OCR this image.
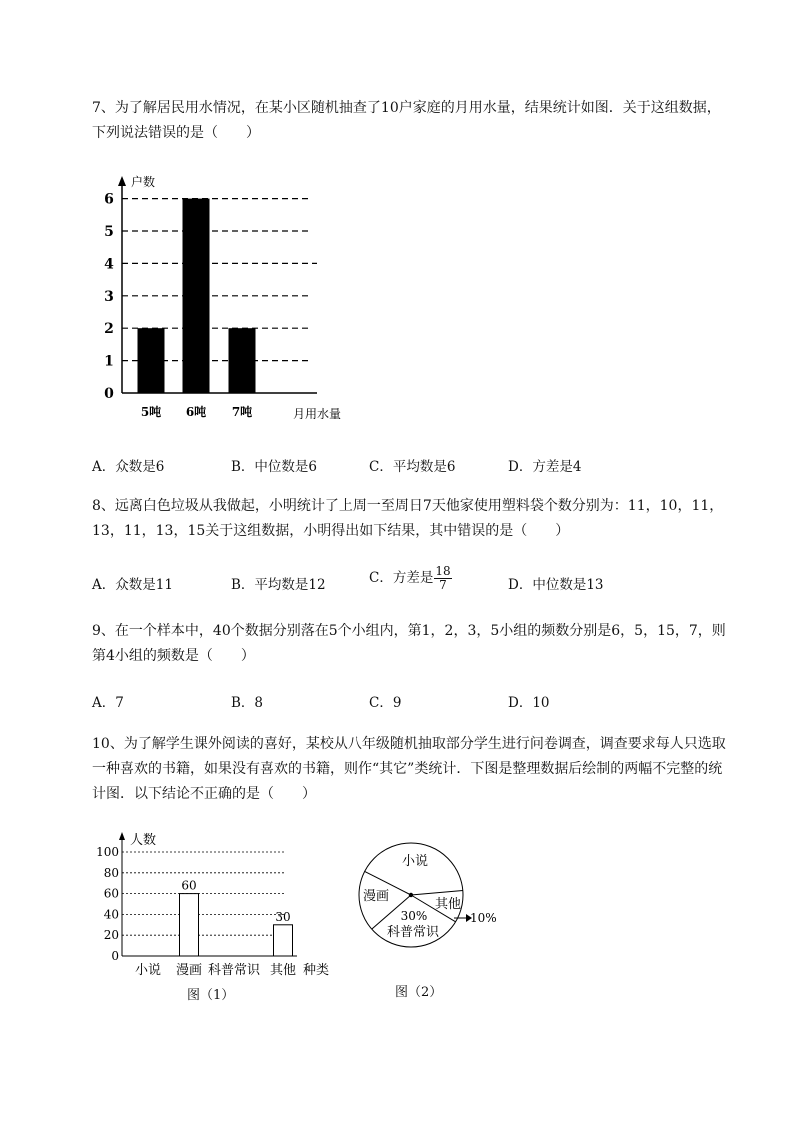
7、为了解居民用水情况，在某小区随机抽查了10户家庭的月用水量，结果统计如图．关于这组数据，下列说法错误的是（　　）
户数
月用水量
0
1
2
3
4
5
6
5吨 6吨 7吨
A．众数是6	B．中位数是6	C．平均数是6	D．方差是4
8、远离白色垃圾从我做起，小明统计了上周一至周日7天他家使用塑料袋个数分别为：11，10，11，13，11，13，15关于这组数据，小明得出如下结果，其中错误的是（　　）
A．众数是11	B．平均数是12	C．方差是 $\frac{18}{7}$	D．中位数是13
9、在一个样本中，40个数据分别落在5个小组内，第1，2，3，5小组的频数分别是6，5，15，7，则第4小组的频数是（　　）
A．7	B．8	C．9	D．10
10、为了解学生课外阅读的喜好，某校从八年级随机抽取部分学生进行问卷调查，调查要求每人只选取一种喜欢的书籍，如果没有喜欢的书籍，则作“其它”类统计．下图是整理数据后绘制的两幅不完整的统计图．以下结论不正确的是（　　）
人数
0
20
40
60
80
100
小说
60
漫画 科普常识
30
其他 种类
图（1）
小说
漫画
30%
科普常识
其他
10%
图（2）
